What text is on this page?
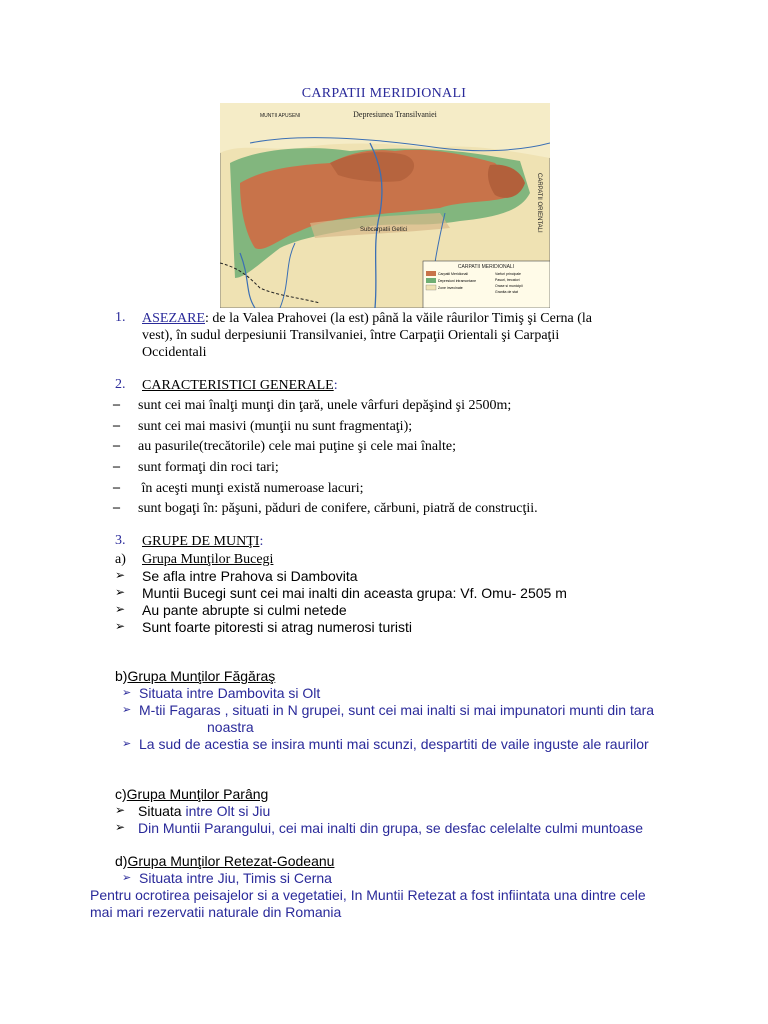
CARPATII MERIDIONALI
Depresiunea Transilvaniei
MUNTII APUSENI
CARPATII ORIENTALI
Subcarpatii Getici
CARPATII MERIDIONALI
Carpatii Meridionali
Depresiuni intramontane
Zone invecinate
Varfuri principale
Pasuri, trecatori
Orase si municipii
Granita de stat
1. ASEZARE: de la Valea Prahovei (la est) până la văile râurilor Timiş şi Cerna (la
vest), în sudul derpesiunii Transilvaniei, între Carpaţii Orientali şi Carpaţii
Occidentali
2. CARACTERISTICI GENERALE:
– sunt cei mai înalţi munţi din ţară, unele vârfuri depăşind şi 2500m;
– sunt cei mai masivi (munţii nu sunt fragmentaţi);
– au pasurile(trecătorile) cele mai puţine şi cele mai înalte;
– sunt formaţi din roci tari;
– în aceşti munţi există numeroase lacuri;
– sunt bogaţi în: păşuni, păduri de conifere, cărbuni, piatră de construcţii.
3. GRUPE DE MUNŢI:
a) Grupa Munţilor Bucegi
➢ Se afla intre Prahova si Dambovita
➢ Muntii Bucegi sunt cei mai inalti din aceasta grupa: Vf. Omu- 2505 m
➢ Au pante abrupte si culmi netede
➢ Sunt foarte pitoresti si atrag numerosi turisti
b)Grupa Munţilor Făgăraş
➢ Situata intre Dambovita si Olt
➢ M-tii Fagaras , situati in N grupei, sunt cei mai inalti si mai impunatori munti din tara
noastra
➢ La sud de acestia se insira munti mai scunzi, despartiti de vaile inguste ale raurilor
c)Grupa Munţilor Parâng
➢ Situata intre Olt si Jiu
➢ Din Muntii Parangului, cei mai inalti din grupa, se desfac celelalte culmi muntoase
d)Grupa Munţilor Retezat-Godeanu
➢ Situata intre Jiu, Timis si Cerna
Pentru ocrotirea peisajelor si a vegetatiei, In Muntii Retezat a fost infiintata una dintre cele
mai mari rezervatii naturale din Romania
